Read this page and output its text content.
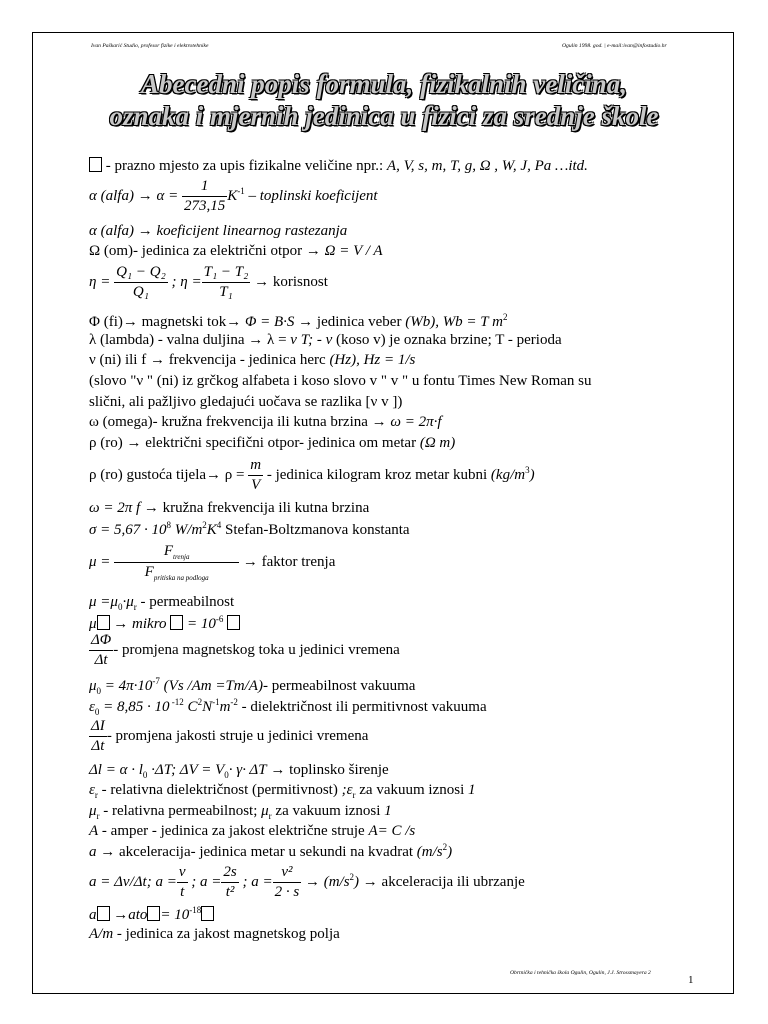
Ivan Paškarić Studio, profesor fizike i elektrotehnike	Ogulin 1998. god. | e-mail:ivan@infostudio.hr
Abecedni popis formula, fizikalnih veličina,
oznaka i mjernih jedinica u fizici za srednje škole
- prazno mjesto za upis fizikalne veličine npr.: A, V, s, m, T, g, Ω , W, J, Pa …itd.
α (alfa) → $\alpha = \frac{1}{273,15} K^{-1}$ – toplinski koeficijent
α (alfa) → koeficijent linearnog rastezanja
Ω (om)- jedinica za električni otpor → Ω = V / A
$\eta = \frac{\text{Q₁ − Q₂}}{\text{Q₁}}$ ; $\eta = \frac{\text{T₁ − T₂}}{\text{T₁}}$ → korisnost
Φ (fi)→ magnetski tok→ Φ = B·S → jedinica veber (Wb), Wb = T $m^2$
λ (lambda) - valna duljina → λ = v T; - v (koso v) je oznaka brzine; T - perioda
ν (ni) ili f → frekvencija - jedinica herc (Hz), Hz = 1/s
(slovo "ν " (ni) iz grčkog alfabeta i koso slovo v " v " u fontu Times New Roman su
slični, ali pažljivo gledajući uočava se razlika [ν v ])
ω (omega)- kružna frekvencija ili kutna brzina → ω = 2π·f
ρ (ro) → električni specifični otpor- jedinica om metar (Ω m)
ρ (ro) gustoća tijela→ $\rho = \frac{m}{V}$ - jedinica kilogram kroz metar kubni $(kg/m^3)$
ω = 2π f → kružna frekvencija ili kutna brzina
$\sigma = 5,67 \cdot 10^8$ $W/m^2K^4$ Stefan-Boltzmanova konstanta
$\mu = \frac{F_{trenja}}{F_{pritiska na podloga}}$ → faktor trenja
$\mu =\mu_0\cdot\mu_r$ - permeabilnost
μ → mikro  = $10^{-6}$
$\frac{\Delta\Phi}{\Delta t}$ - promjena magnetskog toka u jedinici vremena
$\mu_0 = 4\pi\cdot 10^{-7}$ (Vs /Am =Tm/A)- permeabilnost vakuuma
$\varepsilon_0 = 8,85 \cdot 10$ $^{-12}$ $C^2N^{-1}m^{-2}$ - dielektričnost ili permitivnost vakuuma
$\frac{\Delta I}{\Delta t}$ - promjena jakosti struje u jedinici vremena
$\Delta l = \alpha \cdot l_0 \cdot\Delta T$; $\Delta V = V_0\cdot \gamma\cdot \Delta T$ → toplinsko širenje
$\varepsilon_r$ - relativna dielektričnost (permitivnost) $;\varepsilon_r$ za vakuum iznosi 1
$\mu_r$ - relativna permeabilnost; $\mu_r$ za vakuum iznosi 1
A - amper - jedinica za jakost električne struje A= C /s
a → akceleracija- jedinica metar u sekundi na kvadrat $(m/s^2)$
a = Δv/Δt; $a = \frac{v}{t}$ ; $a = \frac{2s}{\text{t²}}$ ; $a = \frac{\text{v²}}{2 \cdot s} \to (m/s^2)$ → akceleracija ili ubrzanje
$a \to ato = 10^{-18}$
A/m - jedinica za jakost magnetskog polja
Obrtnička i tehnička škola Ogulin, Ogulin, J.J. Strossmayera 2
1
